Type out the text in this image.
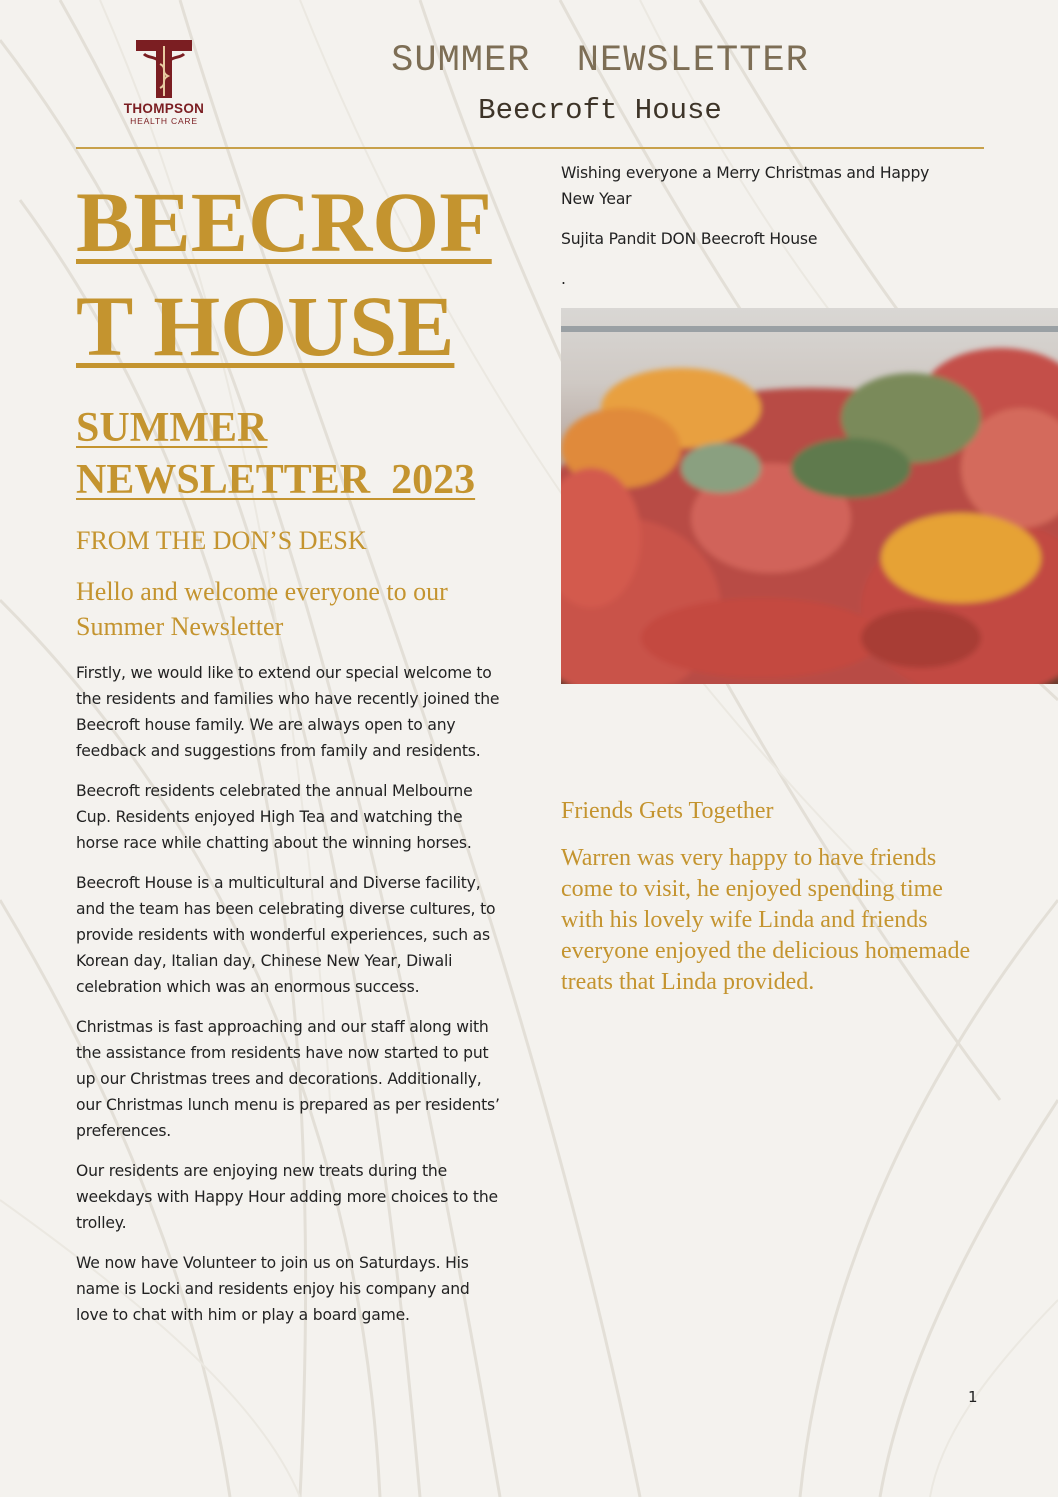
THOMPSON
HEALTH CARE
SUMMER  NEWSLETTER
Beecroft House
BEECROF
T HOUSE
SUMMER
NEWSLETTER  2023
FROM THE DON’S DESK
Hello and welcome everyone to our Summer Newsletter

Firstly, we would like to extend our special welcome to the residents and families who have recently joined the Beecroft house family. We are always open to any feedback and suggestions from family and residents.

Beecroft residents celebrated the annual Melbourne Cup. Residents enjoyed High Tea and watching the horse race while chatting about the winning horses.

Beecroft House is a multicultural and Diverse facility, and the team has been celebrating diverse cultures, to provide residents with wonderful experiences, such as Korean day, Italian day, Chinese New Year, Diwali celebration which was an enormous success.

Christmas is fast approaching and our staff along with the assistance from residents have now started to put up our Christmas trees and decorations. Additionally, our Christmas lunch menu is prepared as per residents’ preferences.

Our residents are enjoying new treats during the weekdays with Happy Hour adding more choices to the trolley.

We now have Volunteer to join us on Saturdays. His name is Locki and residents enjoy his company and love to chat with him or play a board game.

Wishing everyone a Merry Christmas and Happy New Year

Sujita Pandit DON Beecroft House

.

Friends Gets Together
Warren was very happy to have friends come to visit, he enjoyed spending time with his lovely wife Linda and friends everyone enjoyed the delicious homemade treats that Linda provided.
1
